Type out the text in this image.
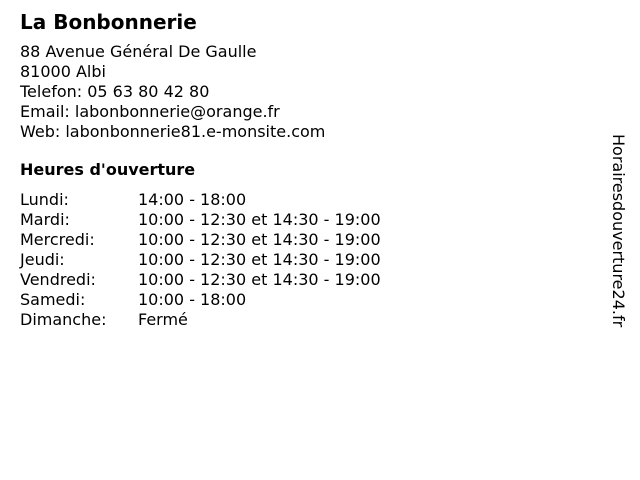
La Bonbonnerie
88 Avenue Général De Gaulle
81000 Albi
Telefon: 05 63 80 42 80
Email: labonbonnerie@orange.fr
Web: labonbonnerie81.e-monsite.com
Heures d'ouverture
Lundi:	14:00 - 18:00
Mardi:	10:00 - 12:30 et 14:30 - 19:00
Mercredi:	10:00 - 12:30 et 14:30 - 19:00
Jeudi:	10:00 - 12:30 et 14:30 - 19:00
Vendredi:	10:00 - 12:30 et 14:30 - 19:00
Samedi:	10:00 - 18:00
Dimanche:	Fermé	Horairesdouverture24.fr
